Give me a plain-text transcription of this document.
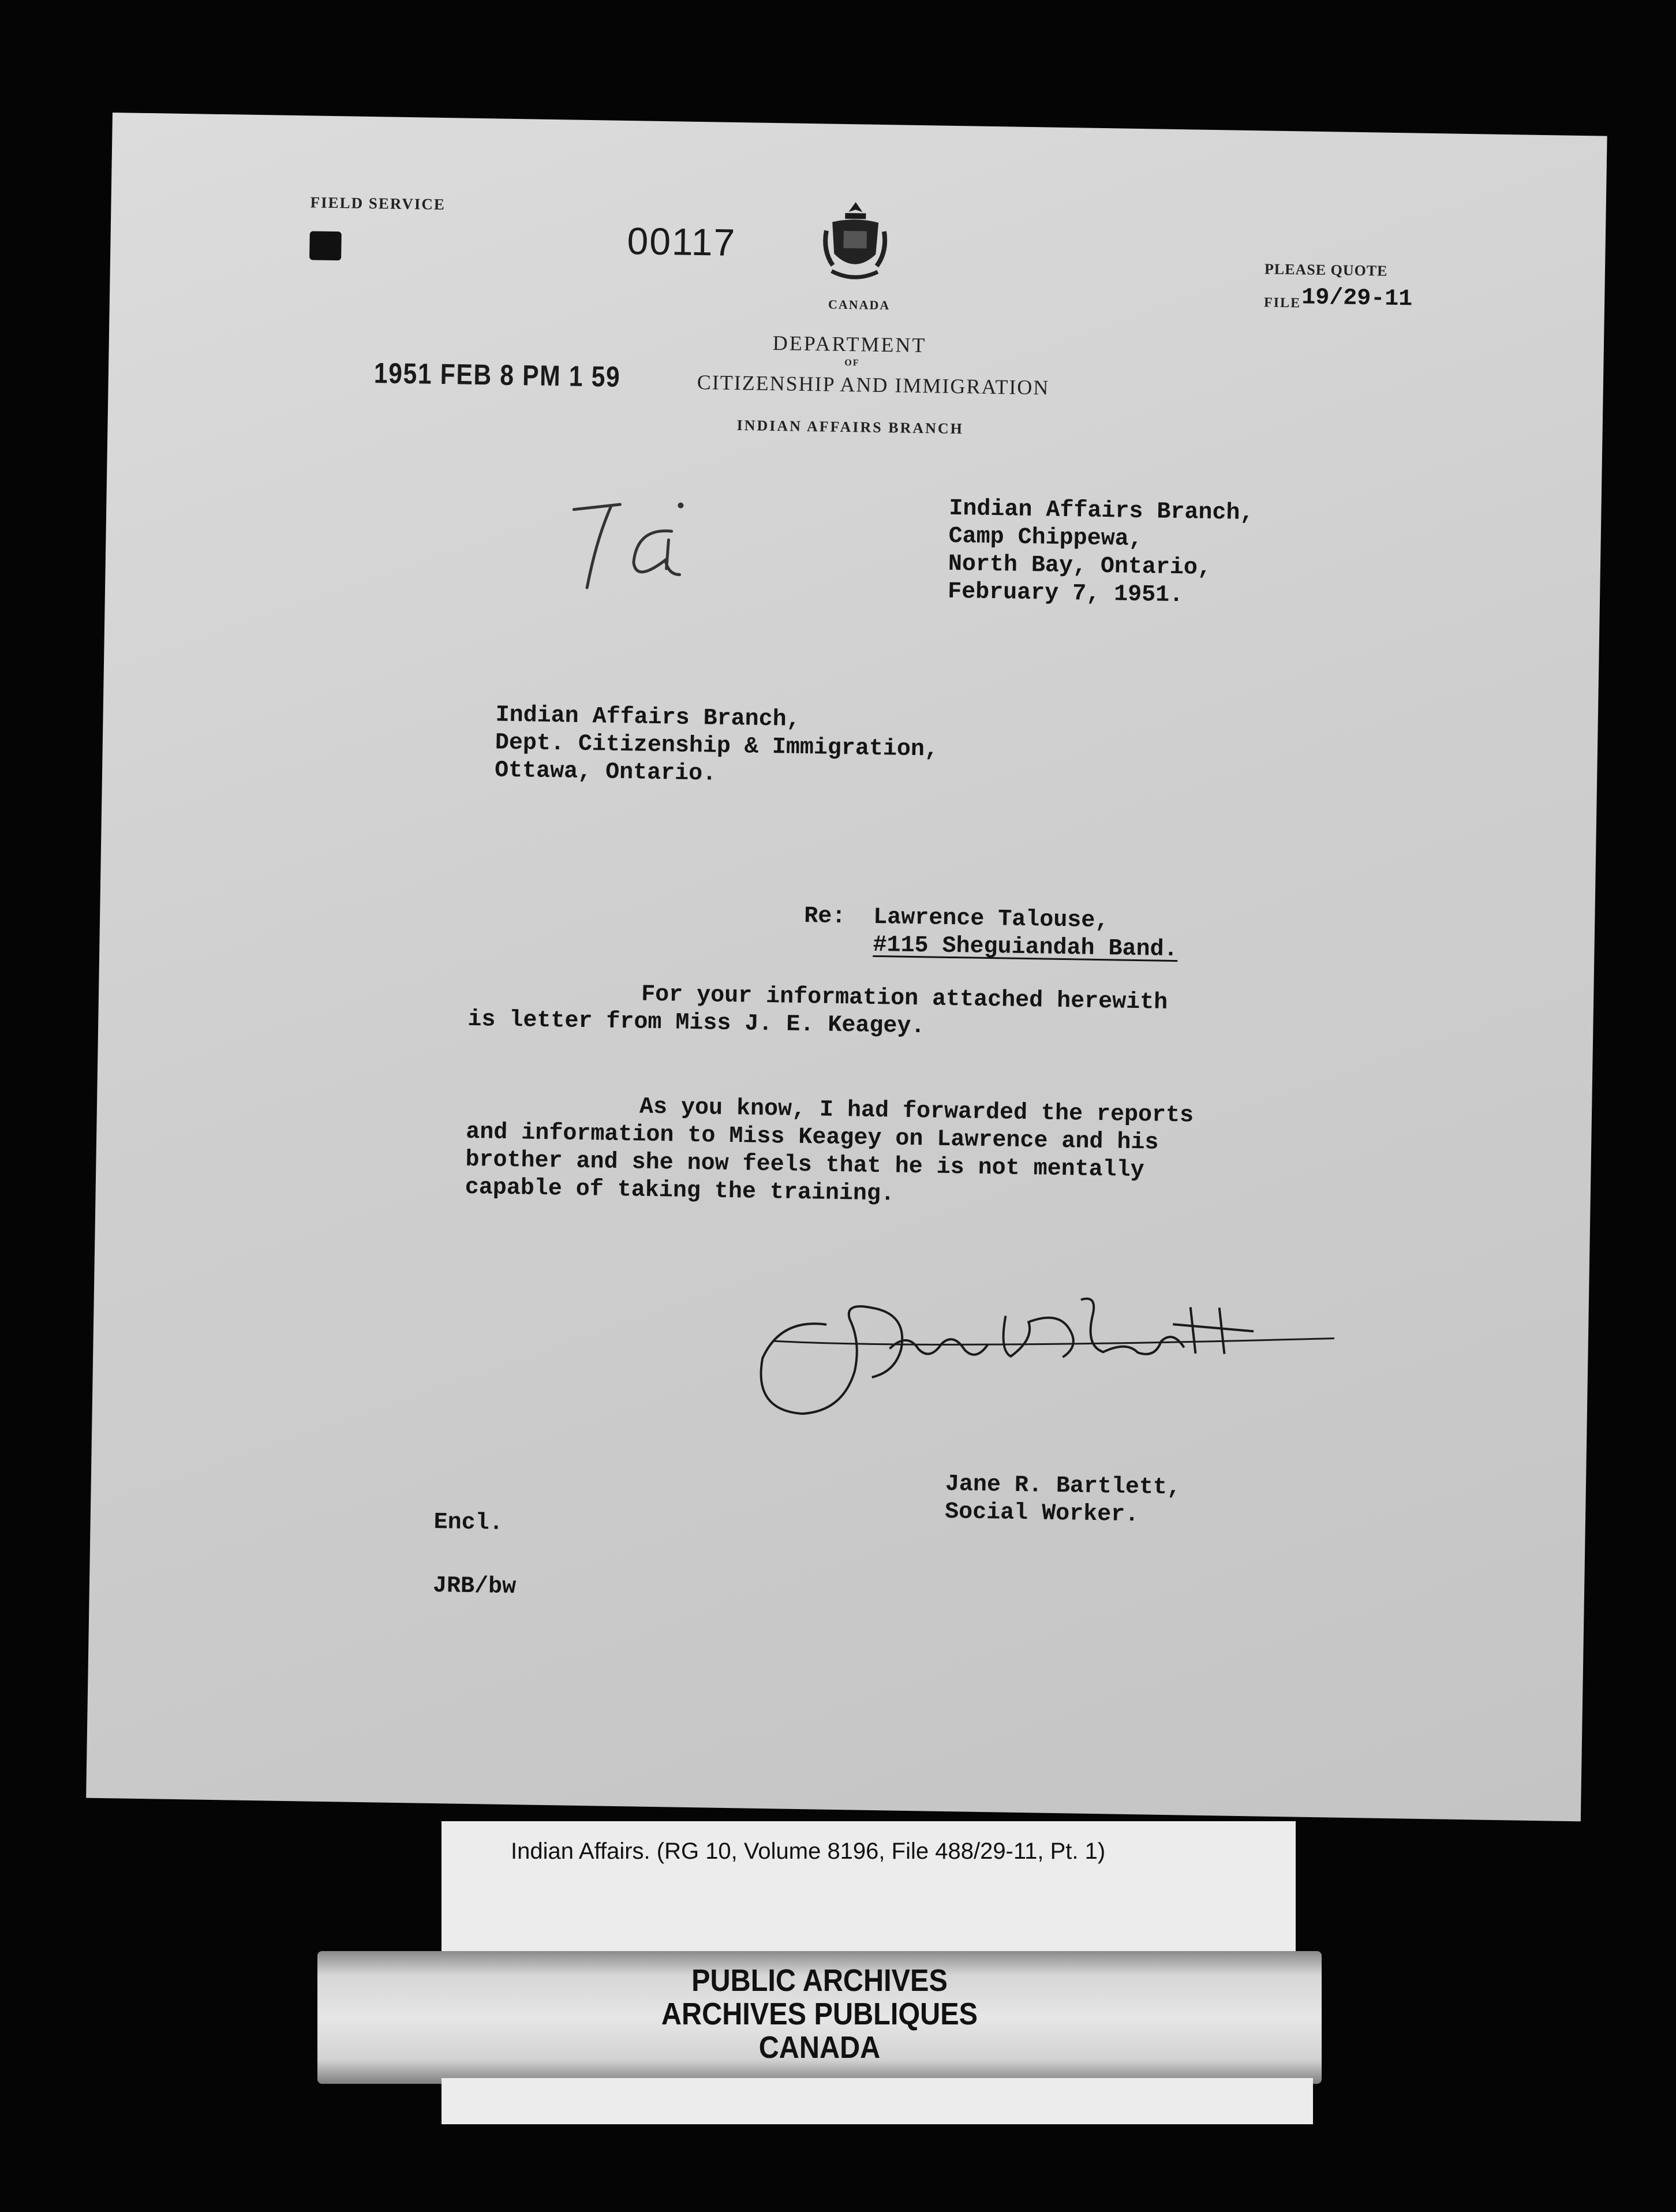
FIELD SERVICE
00117
CANADA
DEPARTMENT
OF
CITIZENSHIP AND IMMIGRATION
INDIAN AFFAIRS BRANCH
1951 FEB 8 PM 1 59
PLEASE QUOTE
FILE 19/29-11
Indian Affairs Branch,
Camp Chippewa,
North Bay, Ontario,
February 7, 1951.
Indian Affairs Branch,
Dept. Citizenship & Immigration,
Ottawa, Ontario.
Re: Lawrence Talouse,
#115 Sheguiandah Band.
For your information attached herewith
is letter from Miss J. E. Keagey.
As you know, I had forwarded the reports
and information to Miss Keagey on Lawrence and his
brother and she now feels that he is not mentally
capable of taking the training.
Jane R. Bartlett,
Social Worker.
Encl.
JRB/bw
Indian Affairs. (RG 10, Volume 8196, File 488/29-11, Pt. 1)
PUBLIC ARCHIVES
ARCHIVES PUBLIQUES
CANADA
